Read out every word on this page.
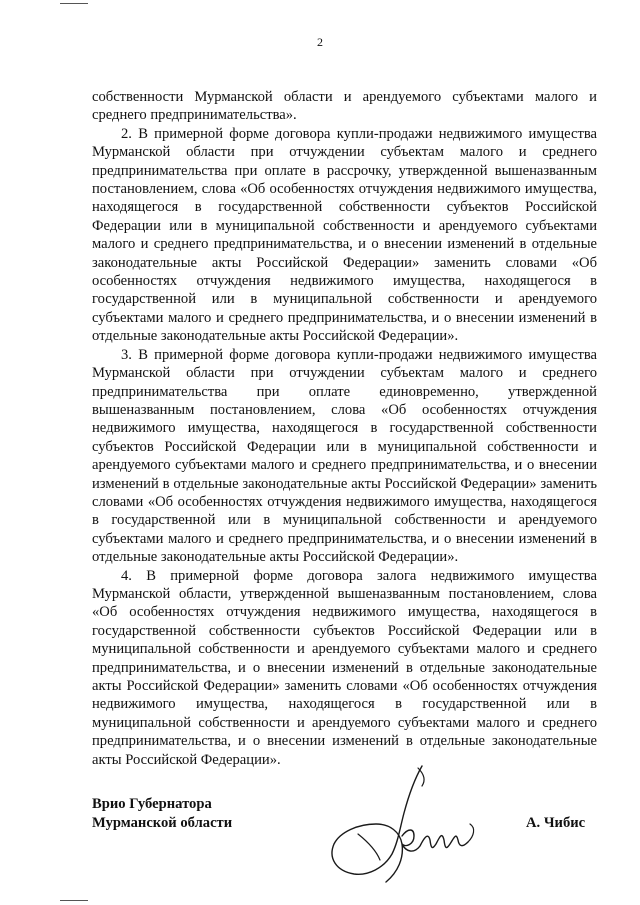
2

собственности Мурманской области и арендуемого субъектами малого и среднего предпринимательства».

2. В примерной форме договора купли-продажи недвижимого имущества Мурманской области при отчуждении субъектам малого и среднего предпринимательства при оплате в рассрочку, утвержденной вышеназванным постановлением, слова «Об особенностях отчуждения недвижимого имущества, находящегося в государственной собственности субъектов Российской Федерации или в муниципальной собственности и арендуемого субъектами малого и среднего предпринимательства, и о внесении изменений в отдельные законодательные акты Российской Федерации» заменить словами «Об особенностях отчуждения недвижимого имущества, находящегося в государственной или в муниципальной собственности и арендуемого субъектами малого и среднего предпринимательства, и о внесении изменений в отдельные законодательные акты Российской Федерации».

3. В примерной форме договора купли-продажи недвижимого имущества Мурманской области при отчуждении субъектам малого и среднего предпринимательства при оплате единовременно, утвержденной вышеназванным постановлением, слова «Об особенностях отчуждения недвижимого имущества, находящегося в государственной собственности субъектов Российской Федерации или в муниципальной собственности и арендуемого субъектами малого и среднего предпринимательства, и о внесении изменений в отдельные законодательные акты Российской Федерации» заменить словами «Об особенностях отчуждения недвижимого имущества, находящегося в государственной или в муниципальной собственности и арендуемого субъектами малого и среднего предпринимательства, и о внесении изменений в отдельные законодательные акты Российской Федерации».

4. В примерной форме договора залога недвижимого имущества Мурманской области, утвержденной вышеназванным постановлением, слова «Об особенностях отчуждения недвижимого имущества, находящегося в государственной собственности субъектов Российской Федерации или в муниципальной собственности и арендуемого субъектами малого и среднего предпринимательства, и о внесении изменений в отдельные законодательные акты Российской Федерации» заменить словами «Об особенностях отчуждения недвижимого имущества, находящегося в государственной или в муниципальной собственности и арендуемого субъектами малого и среднего предпринимательства, и о внесении изменений в отдельные законодательные акты Российской Федерации».

Врио Губернатора
Мурманской области	А. Чибис
